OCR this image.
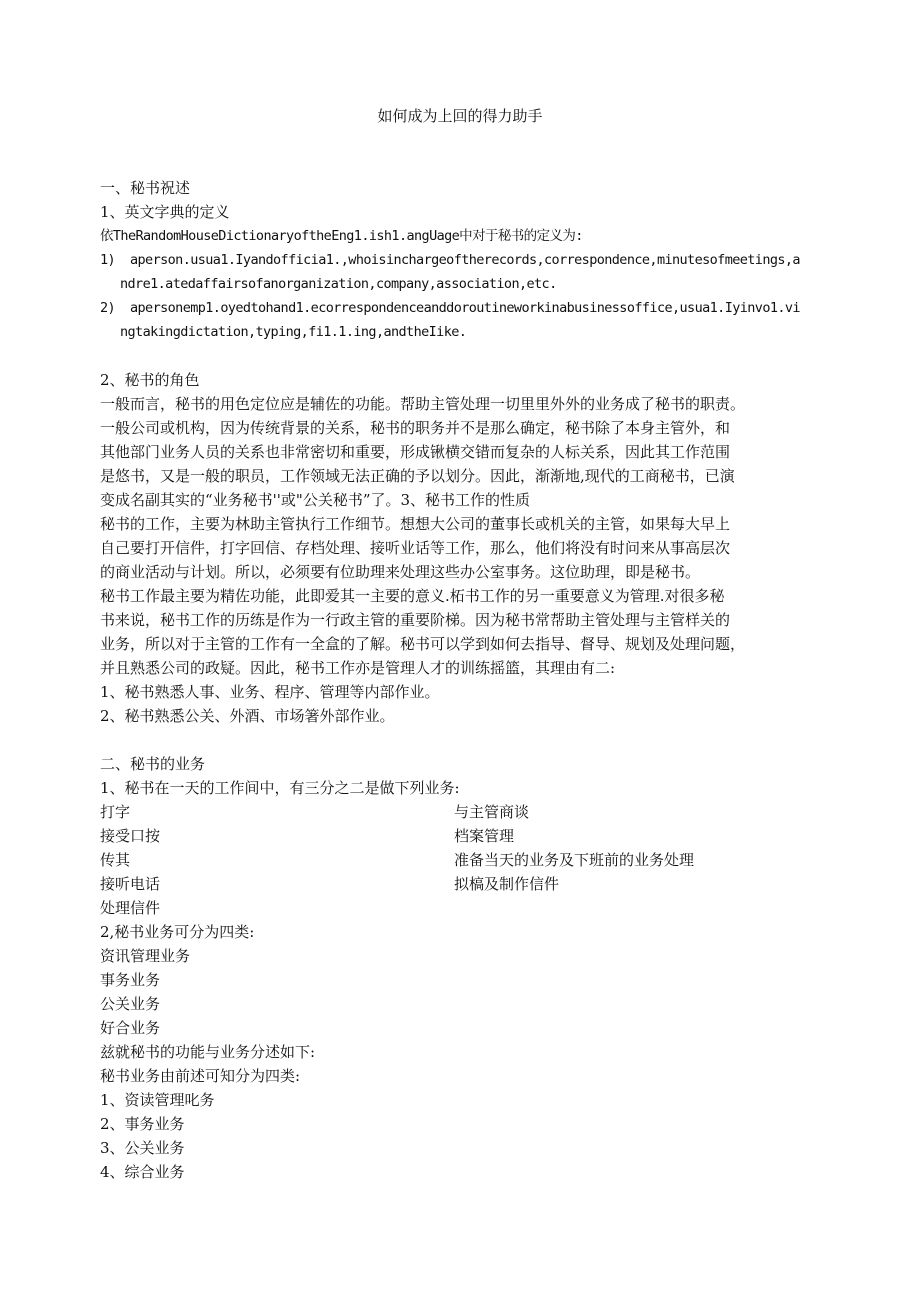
如何成为上回的得力助手
一、秘书祝述
1、英文字典的定义
依TheRandomHouseDictionaryoftheEng1.ish1.angUage中对于秘书的定义为:
1)	aperson.usua1.Iyandofficia1.,whoisinchargeoftherecords,correspondence,minutesofmeetings,a
ndre1.atedaffairsofanorganization,company,association,etc.
2)	apersonemp1.oyedtohand1.ecorrespondenceanddoroutineworkinabusinessoffice,usua1.Iyinvo1.vi
ngtakingdictation,typing,fi1.1.ing,andtheIike.
2、秘书的角色
一般而言，秘书的用色定位应是辅佐的功能。帮助主管处理一切里里外外的业务成了秘书的职责。
一般公司或机构，因为传统背景的关系，秘书的职务并不是那么确定，秘书除了本身主管外，和
其他部门业务人员的关系也非常密切和重要，形成锹横交错而复杂的人标关系，因此其工作范围
是悠书，又是一般的职员，工作领域无法正确的予以划分。因此，渐渐地,现代的工商秘书，已演
变成名副其实的“业务秘书''或"公关秘书”了。3、秘书工作的性质
秘书的工作，主要为林助主管执行工作细节。想想大公司的董事长或机关的主管，如果每大早上
自己要打开信件，打字回信、存档处理、接听业话等工作，那么，他们将没有时问来从事高层次
的商业活动与计划。所以，必须要有位助理来处理这些办公室事务。这位助理，即是秘书。
秘书工作最主要为精佐功能，此即爱其一主要的意义.柘书工作的另一重要意义为管理.对很多秘
书来说，秘书工作的历练是作为一行政主管的重要阶梯。因为秘书常帮助主管处理与主管样关的
业务，所以对于主管的工作有一全盒的了解。秘书可以学到如何去指导、督导、规划及处理问题，
并且熟悉公司的政疑。因此，秘书工作亦是管理人才的训练摇篮，其理由有二:
1、秘书熟悉人事、业务、程序、管理等内部作业。
2、秘书熟悉公关、外酒、市场箸外部作业。
二、秘书的业务
1、秘书在一天的工作间中，有三分之二是做下列业务:
打字
接受口按
传其
接听电话
处理信件
与主管商谈
档案管理
准备当天的业务及下班前的业务处理
拟槁及制作信件
2,秘书业务可分为四类:
资讯管理业务
事务业务
公关业务
好合业务
兹就秘书的功能与业务分述如下:
秘书业务由前述可知分为四类:
1、资读管理叱务
2、事务业务
3、公关业务
4、综合业务
